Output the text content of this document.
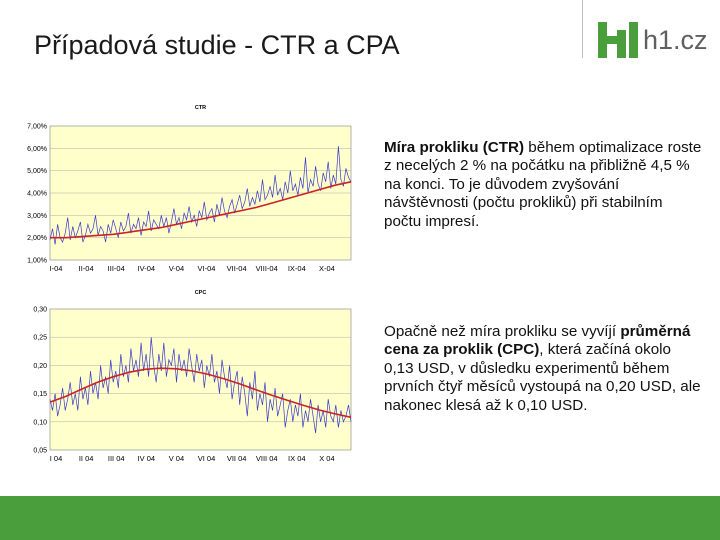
Případová studie - CTR a CPA	h1.cz
CTR
7,00%
6,00%
5,00%
4,00%
3,00%
2,00%
1,00%
I-04 II-04 III-04 IV-04 V-04 VI-04 VII-04 VIII-04 IX-04 X-04
CPC
0,30
0,25
0,20
0,15
0,10
0,05
I 04 II 04 III 04 IV 04 V 04 VI 04 VII 04 VIII 04 IX 04 X 04
Míra prokliku (CTR) během optimalizace roste z necelých 2 % na počátku na přibližně 4,5 % na konci. To je důvodem zvyšování návštěvnosti (počtu prokliků) při stabilním počtu impresí.
Opačně než míra prokliku se vyvíjí průměrná cena za proklik (CPC), která začíná okolo 0,13 USD, v důsledku experimentů během prvních čtyř měsíců vystoupá na 0,20 USD, ale nakonec klesá až k 0,10 USD.
